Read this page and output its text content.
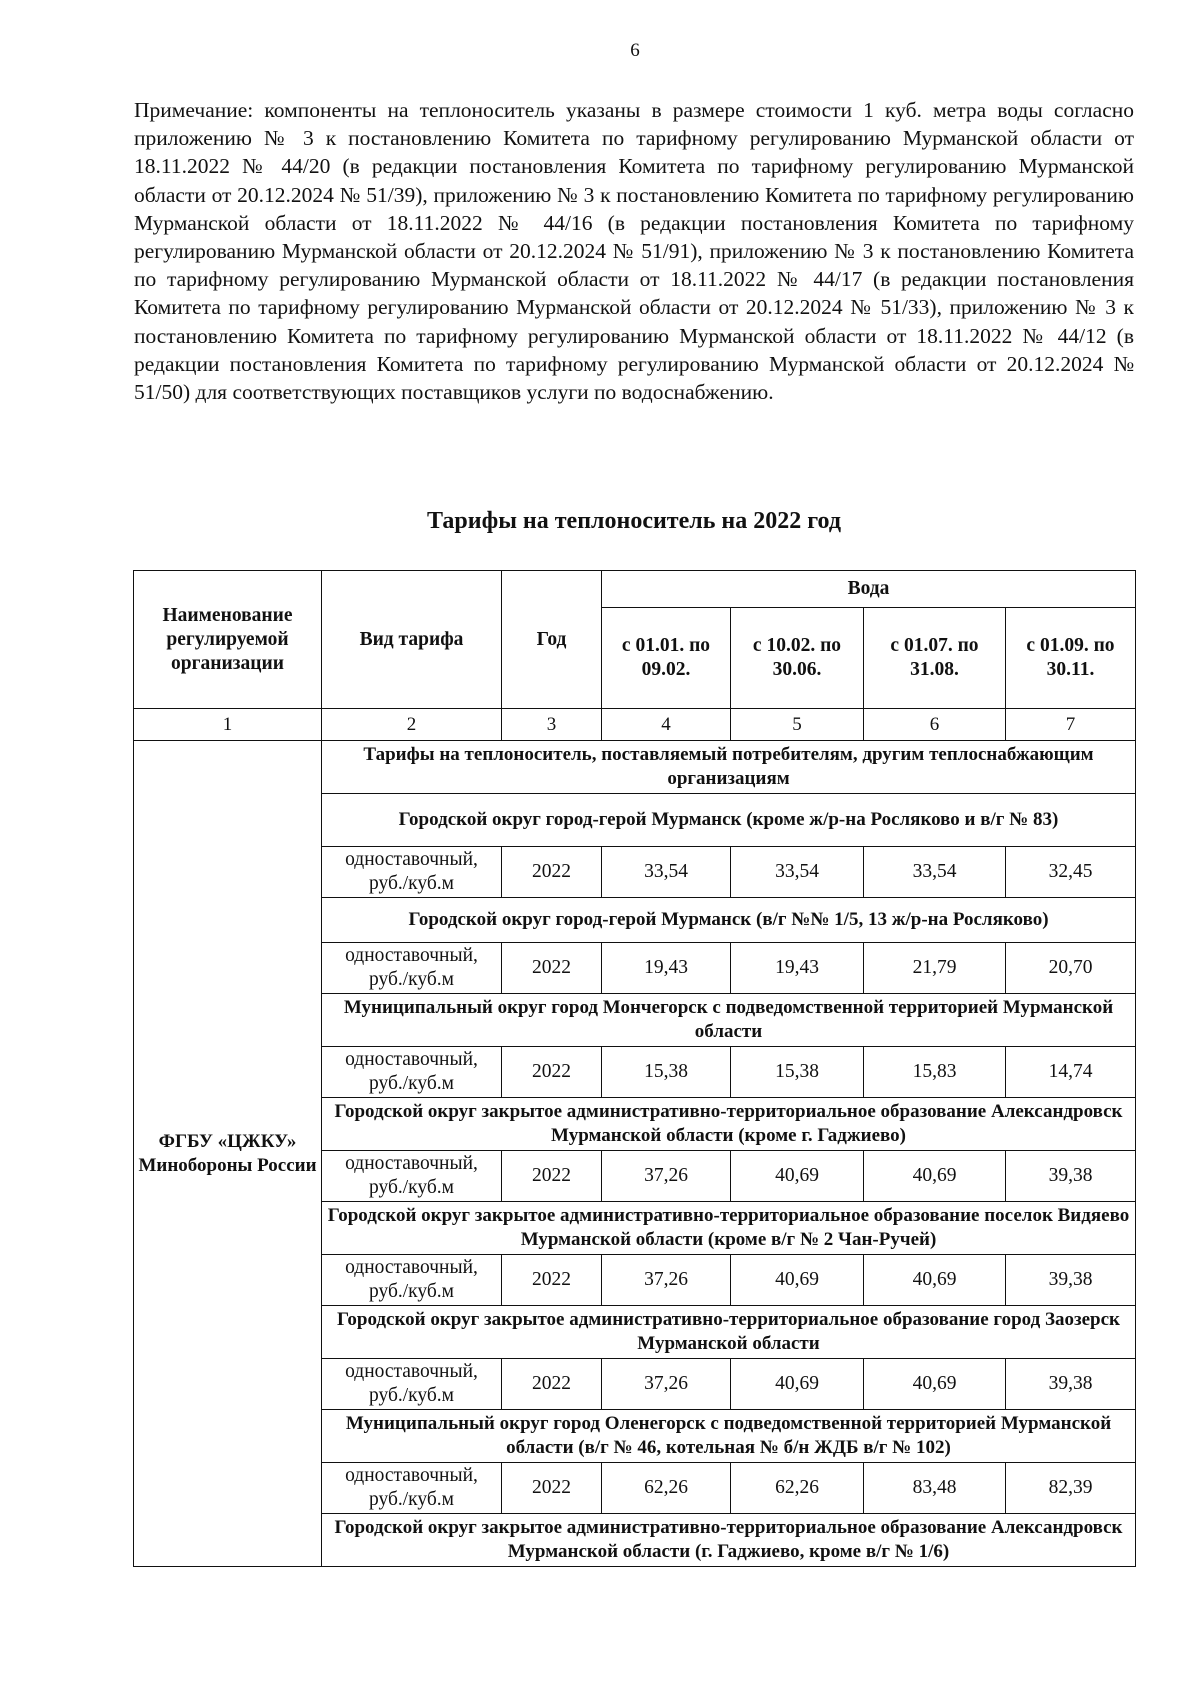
6

Примечание: компоненты на теплоноситель указаны в размере стоимости 1 куб. метра воды согласно приложению № 3 к постановлению Комитета по тарифному регулированию Мурманской области от 18.11.2022 № 44/20 (в редакции постановления Комитета по тарифному регулированию Мурманской области от 20.12.2024 № 51/39), приложению № 3 к постановлению Комитета по тарифному регулированию Мурманской области от 18.11.2022 № 44/16 (в редакции постановления Комитета по тарифному регулированию Мурманской области от 20.12.2024 № 51/91), приложению № 3 к постановлению Комитета по тарифному регулированию Мурманской области от 18.11.2022 № 44/17 (в редакции постановления Комитета по тарифному регулированию Мурманской области от 20.12.2024 № 51/33), приложению № 3 к постановлению Комитета по тарифному регулированию Мурманской области от 18.11.2022 № 44/12 (в редакции постановления Комитета по тарифному регулированию Мурманской области от 20.12.2024 № 51/50) для соответствующих поставщиков услуги по водоснабжению.

Тарифы на теплоноситель на 2022 год
Наименование регулируемой организации	Вид тарифа	Год	Вода			
			с 01.01. по 09.02.	с 10.02. по 30.06.	с 01.07. по 31.08.	с 01.09. по 30.11.
1	2	3	4	5	6	7
ФГБУ «ЦЖКУ» Минобороны России	Тарифы на теплоноситель, поставляемый потребителям, другим теплоснабжающим организациям					
	Городской округ город-герой Мурманск (кроме ж/р-на Росляково и в/г № 83)					
	одноставочный, руб./куб.м	2022	33,54	33,54	33,54	32,45
	Городской округ город-герой Мурманск (в/г №№ 1/5, 13 ж/р-на Росляково)					
	одноставочный, руб./куб.м	2022	19,43	19,43	21,79	20,70
	Муниципальный округ город Мончегорск с подведомственной территорией Мурманской области					
	одноставочный, руб./куб.м	2022	15,38	15,38	15,83	14,74
	Городской округ закрытое административно-территориальное образование Александровск Мурманской области (кроме г. Гаджиево)					
	одноставочный, руб./куб.м	2022	37,26	40,69	40,69	39,38
	Городской округ закрытое административно-территориальное образование поселок Видяево Мурманской области (кроме в/г № 2 Чан-Ручей)					
	одноставочный, руб./куб.м	2022	37,26	40,69	40,69	39,38
	Городской округ закрытое административно-территориальное образование город Заозерск Мурманской области					
	одноставочный, руб./куб.м	2022	37,26	40,69	40,69	39,38
	Муниципальный округ город Оленегорск с подведомственной территорией Мурманской области (в/г № 46, котельная № б/н ЖДБ в/г № 102)					
	одноставочный, руб./куб.м	2022	62,26	62,26	83,48	82,39
	Городской округ закрытое административно-территориальное образование Александровск Мурманской области (г. Гаджиево, кроме в/г № 1/6)					
